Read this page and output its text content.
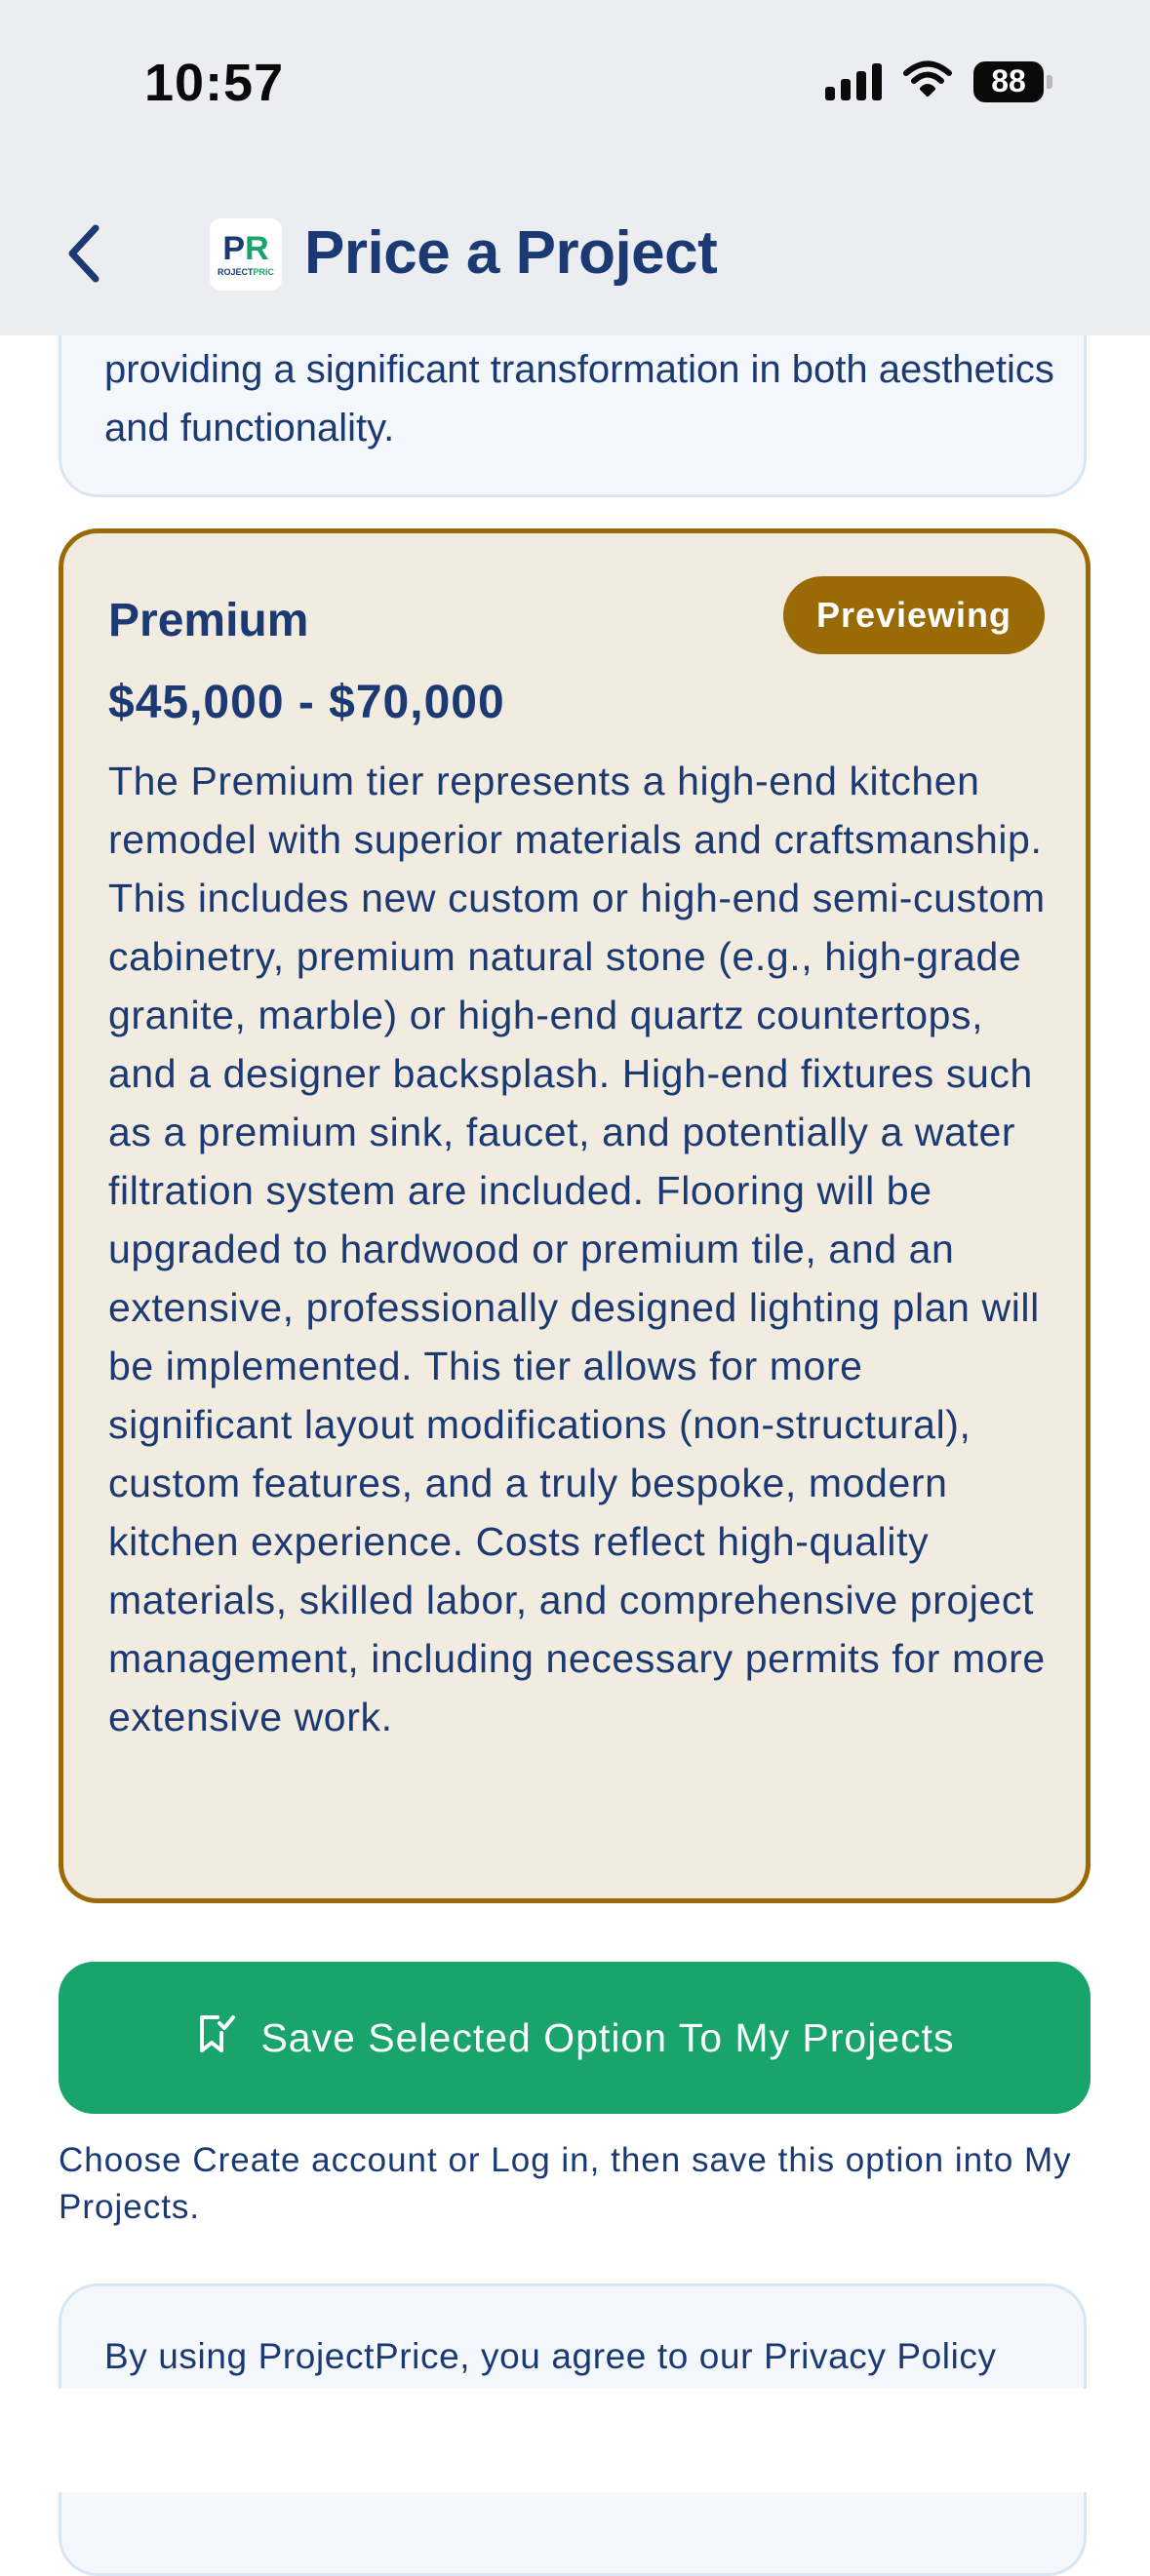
providing a significant transformation in both aesthetics and functionality.
Premium	Previewing
$45,000 - $70,000
The Premium tier represents a high-end kitchen remodel with superior materials and craftsmanship. This includes new custom or high-end semi-custom cabinetry, premium natural stone (e.g., high-grade granite, marble) or high-end quartz countertops, and a designer backsplash. High-end fixtures such as a premium sink, faucet, and potentially a water filtration system are included. Flooring will be upgraded to hardwood or premium tile, and an extensive, professionally designed lighting plan will be implemented. This tier allows for more significant layout modifications (non-structural), custom features, and a truly bespoke, modern kitchen experience. Costs reflect high-quality materials, skilled labor, and comprehensive project management, including necessary permits for more extensive work.
Save Selected Option To My Projects
Choose Create account or Log in, then save this option into My Projects.
By using ProjectPrice, you agree to our Privacy Policy
10:57	88
PR
ROJECTPRIC Price a Project
